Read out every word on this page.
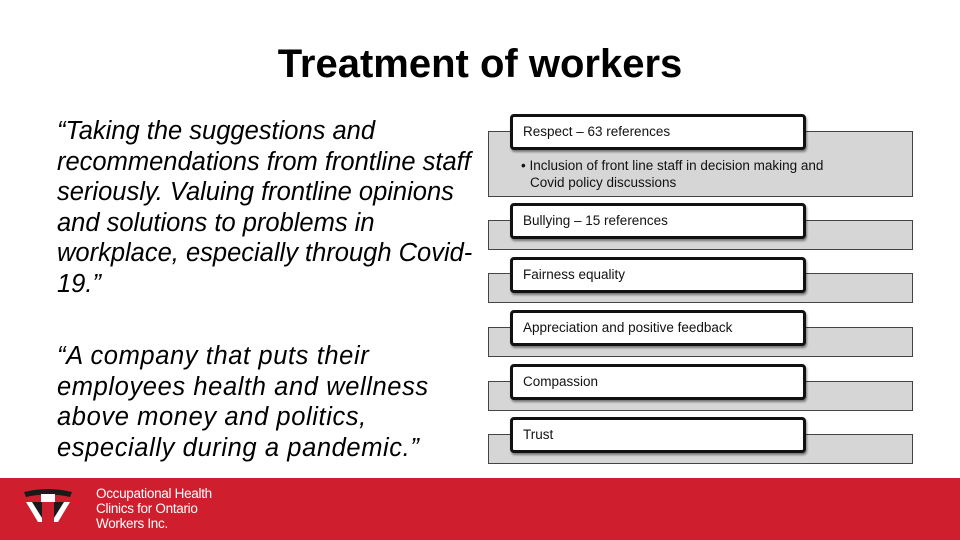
Treatment of workers
“Taking the suggestions and recommendations from frontline staff seriously. Valuing frontline opinions and solutions to problems in workplace, especially through Covid-19.”
“A company that puts their employees health and wellness above money and politics, especially during a pandemic.”
• Inclusion of front line staff in decision making and
Covid policy discussions
Respect – 63 references
Bullying – 15 references
Fairness equality
Appreciation and positive feedback
Compassion
Trust
Occupational Health
Clinics for Ontario
Workers Inc.
